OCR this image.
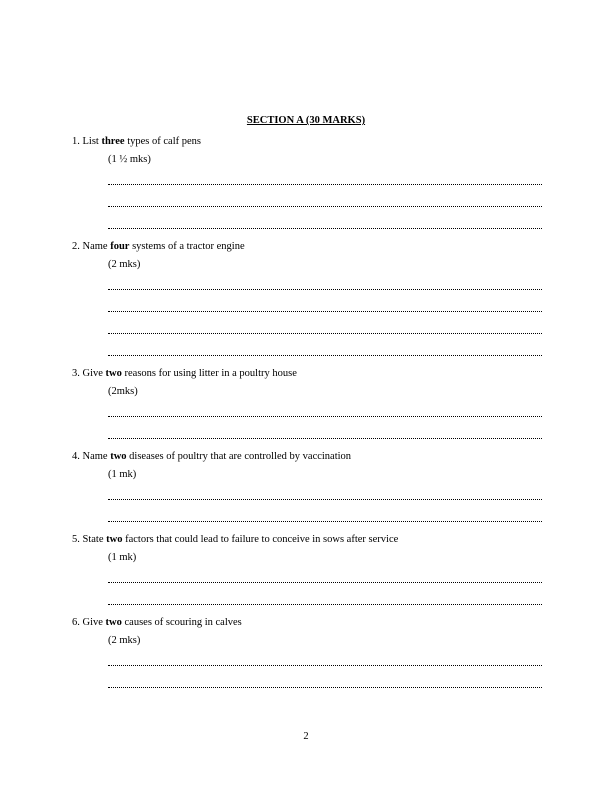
SECTION A (30 MARKS)
1. List three types of calf pens
(1 ½ mks)
2. Name four systems of a tractor engine
(2 mks)
3. Give two reasons for using litter in a poultry house
(2mks)
4. Name two diseases of poultry that are controlled by vaccination
(1 mk)
5. State two factors that could lead to failure to conceive in sows after service
(1 mk)
6. Give two causes of scouring in calves
(2 mks)
2
